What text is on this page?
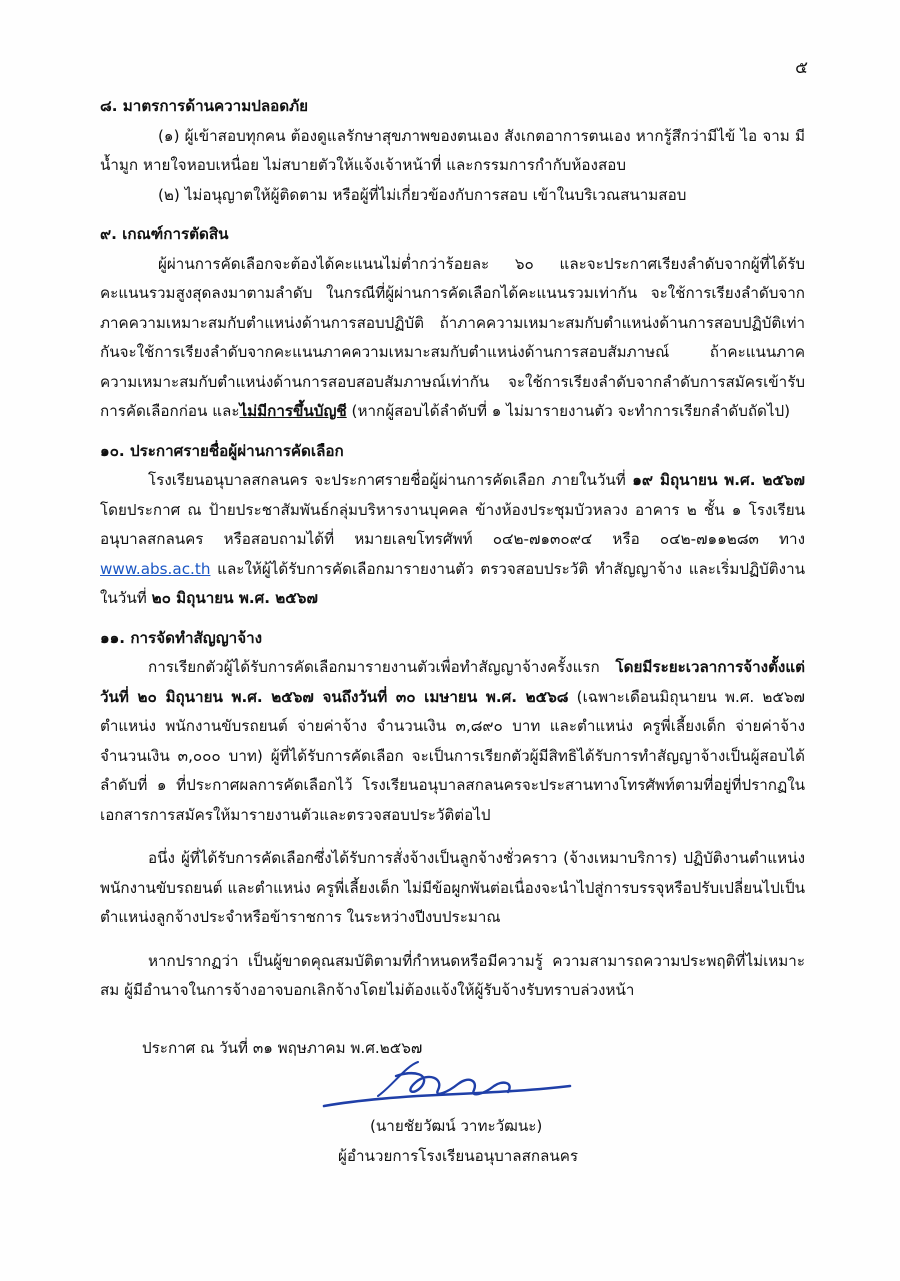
๕

๘. มาตรการด้านความปลอดภัย

(๑) ผู้เข้าสอบทุกคน ต้องดูแลรักษาสุขภาพของตนเอง สังเกตอาการตนเอง หากรู้สึกว่ามีไข้ ไอ จาม มีน้ำมูก หายใจหอบเหนื่อย ไม่สบายตัวให้แจ้งเจ้าหน้าที่ และกรรมการกำกับห้องสอบ

(๒) ไม่อนุญาตให้ผู้ติดตาม หรือผู้ที่ไม่เกี่ยวข้องกับการสอบ เข้าในบริเวณสนามสอบ

๙. เกณฑ์การตัดสิน

ผู้ผ่านการคัดเลือกจะต้องได้คะแนนไม่ต่ำกว่าร้อยละ ๖๐ และจะประกาศเรียงลำดับจากผู้ที่ได้รับคะแนนรวมสูงสุดลงมาตามลำดับ ในกรณีที่ผู้ผ่านการคัดเลือกได้คะแนนรวมเท่ากัน จะใช้การเรียงลำดับจากภาคความเหมาะสมกับตำแหน่งด้านการสอบปฏิบัติ ถ้าภาคความเหมาะสมกับตำแหน่งด้านการสอบปฏิบัติเท่ากันจะใช้การเรียงลำดับจากคะแนนภาคความเหมาะสมกับตำแหน่งด้านการสอบสัมภาษณ์ ถ้าคะแนนภาคความเหมาะสมกับตำแหน่งด้านการสอบสอบสัมภาษณ์เท่ากัน จะใช้การเรียงลำดับจากลำดับการสมัครเข้ารับการคัดเลือกก่อน และไม่มีการขึ้นบัญชี (หากผู้สอบได้ลำดับที่ ๑ ไม่มารายงานตัว จะทำการเรียกลำดับถัดไป)

๑๐. ประกาศรายชื่อผู้ผ่านการคัดเลือก

โรงเรียนอนุบาลสกลนคร จะประกาศรายชื่อผู้ผ่านการคัดเลือก ภายในวันที่ ๑๙ มิถุนายน พ.ศ. ๒๕๖๗ โดยประกาศ ณ ป้ายประชาสัมพันธ์กลุ่มบริหารงานบุคคล ข้างห้องประชุมบัวหลวง อาคาร ๒ ชั้น ๑ โรงเรียนอนุบาลสกลนคร หรือสอบถามได้ที่ หมายเลขโทรศัพท์ ๐๔๒-๗๑๓๐๙๔ หรือ ๐๔๒-๗๑๑๒๘๓ ทาง www.abs.ac.th และให้ผู้ได้รับการคัดเลือกมารายงานตัว ตรวจสอบประวัติ ทำสัญญาจ้าง และเริ่มปฏิบัติงานในวันที่ ๒๐ มิถุนายน พ.ศ. ๒๕๖๗

๑๑. การจัดทำสัญญาจ้าง

การเรียกตัวผู้ได้รับการคัดเลือกมารายงานตัวเพื่อทำสัญญาจ้างครั้งแรก โดยมีระยะเวลาการจ้างตั้งแต่วันที่ ๒๐ มิถุนายน พ.ศ. ๒๕๖๗ จนถึงวันที่ ๓๐ เมษายน พ.ศ. ๒๕๖๘ (เฉพาะเดือนมิถุนายน พ.ศ. ๒๕๖๗ ตำแหน่ง พนักงานขับรถยนต์ จ่ายค่าจ้าง จำนวนเงิน ๓,๘๙๐ บาท และตำแหน่ง ครูพี่เลี้ยงเด็ก จ่ายค่าจ้าง จำนวนเงิน ๓,๐๐๐ บาท) ผู้ที่ได้รับการคัดเลือก จะเป็นการเรียกตัวผู้มีสิทธิได้รับการทำสัญญาจ้างเป็นผู้สอบได้ ลำดับที่ ๑ ที่ประกาศผลการคัดเลือกไว้ โรงเรียนอนุบาลสกลนครจะประสานทางโทรศัพท์ตามที่อยู่ที่ปรากฏในเอกสารการสมัครให้มารายงานตัวและตรวจสอบประวัติต่อไป

อนึ่ง ผู้ที่ได้รับการคัดเลือกซึ่งได้รับการสั่งจ้างเป็นลูกจ้างชั่วคราว (จ้างเหมาบริการ) ปฏิบัติงานตำแหน่ง พนักงานขับรถยนต์ และตำแหน่ง ครูพี่เลี้ยงเด็ก ไม่มีข้อผูกพันต่อเนื่องจะนำไปสู่การบรรจุหรือปรับเปลี่ยนไปเป็นตำแหน่งลูกจ้างประจำหรือข้าราชการ ในระหว่างปีงบประมาณ

หากปรากฏว่า เป็นผู้ขาดคุณสมบัติตามที่กำหนดหรือมีความรู้ ความสามารถความประพฤติที่ไม่เหมาะสม ผู้มีอำนาจในการจ้างอาจบอกเลิกจ้างโดยไม่ต้องแจ้งให้ผู้รับจ้างรับทราบล่วงหน้า

ประกาศ ณ วันที่ ๓๑ พฤษภาคม พ.ศ.๒๕๖๗

(นายชัยวัฒน์ วาทะวัฒนะ)
ผู้อำนวยการโรงเรียนอนุบาลสกลนคร
